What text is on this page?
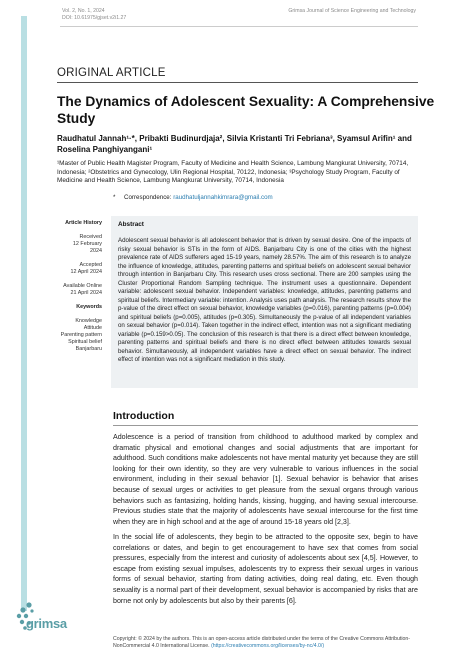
Vol. 2, No. 1, 2024
DOI: 10.61975/gjset.v2i1.27
Grimsa Journal of Science Engineering and Technology
grimsa
ORIGINAL ARTICLE
The Dynamics of Adolescent Sexuality: A Comprehensive Study
Raudhatul Jannah¹·*, Pribakti Budinurdjaja², Silvia Kristanti Tri Febriana³, Syamsul Arifin¹ and Roselina Panghiyangani¹
¹Master of Public Health Magister Program, Faculty of Medicine and Health Science, Lambung Mangkurat University, 70714, Indonesia; ²Obstetrics and Gynecology, Ulin Regional Hospital, 70122, Indonesia; ³Psychology Study Program, Faculty of Medicine and Health Science, Lambung Mangkurat University, 70714, Indonesia
* Correspondence: raudhatuljannahkimrara@gmail.com
Article History
Received
12 February 2024
Accepted
12 April 2024
Available Online
21 April 2024
Keywords
Knowledge
Attitude
Parenting pattern
Spiritual belief
Banjarbaru
Abstract
Adolescent sexual behavior is all adolescent behavior that is driven by sexual desire. One of the impacts of risky sexual behavior is STIs in the form of AIDS. Banjarbaru City is one of the cities with the highest prevalence rate of AIDS sufferers aged 15-19 years, namely 28.57%. The aim of this research is to analyze the influence of knowledge, attitudes, parenting patterns and spiritual beliefs on adolescent sexual behavior through intention in Banjarbaru City. This research uses cross sectional. There are 200 samples using the Cluster Proportional Random Sampling technique. The instrument uses a questionnaire. Dependent variable: adolescent sexual behavior. Independent variables: knowledge, attitudes, parenting patterns and spiritual beliefs. Intermediary variable: intention. Analysis uses path analysis. The research results show the p-value of the direct effect on sexual behavior, knowledge variables (p=0.016), parenting patterns (p=0.004) and spiritual beliefs (p=0.005), attitudes (p=0.305). Simultaneously the p-value of all independent variables on sexual behavior (p=0.014). Taken together in the indirect effect, intention was not a significant mediating variable (p=0.159>0.05). The conclusion of this research is that there is a direct effect between knowledge, parenting patterns and spiritual beliefs and there is no direct effect between attitudes towards sexual behavior. Simultaneously, all independent variables have a direct effect on sexual behavior. The indirect effect of intention was not a significant mediation in this study.
Introduction
Adolescence is a period of transition from childhood to adulthood marked by complex and dramatic physical and emotional changes and social adjustments that are important for adulthood. Such conditions make adolescents not have mental maturity yet because they are still looking for their own identity, so they are very vulnerable to various influences in the social environment, including in their sexual behavior [1]. Sexual behavior is behavior that arises because of sexual urges or activities to get pleasure from the sexual organs through various behaviors such as fantasizing, holding hands, kissing, hugging, and having sexual intercourse. Previous studies state that the majority of adolescents have sexual intercourse for the first time when they are in high school and at the age of around 15-18 years old [2,3].
In the social life of adolescents, they begin to be attracted to the opposite sex, begin to have correlations or dates, and begin to get encouragement to have sex that comes from social pressures, especially from the interest and curiosity of adolescents about sex [4,5]. However, to escape from existing sexual impulses, adolescents try to express their sexual urges in various forms of sexual behavior, starting from dating activities, doing real dating, etc. Even though sexuality is a normal part of their development, sexual behavior is accompanied by risks that are borne not only by adolescents but also by their parents [6].
Copyright: © 2024 by the authors. This is an open-access article distributed under the terms of the Creative Commons Attribution-NonCommercial 4.0 International License. (https://creativecommons.org/licenses/by-nc/4.0/)
